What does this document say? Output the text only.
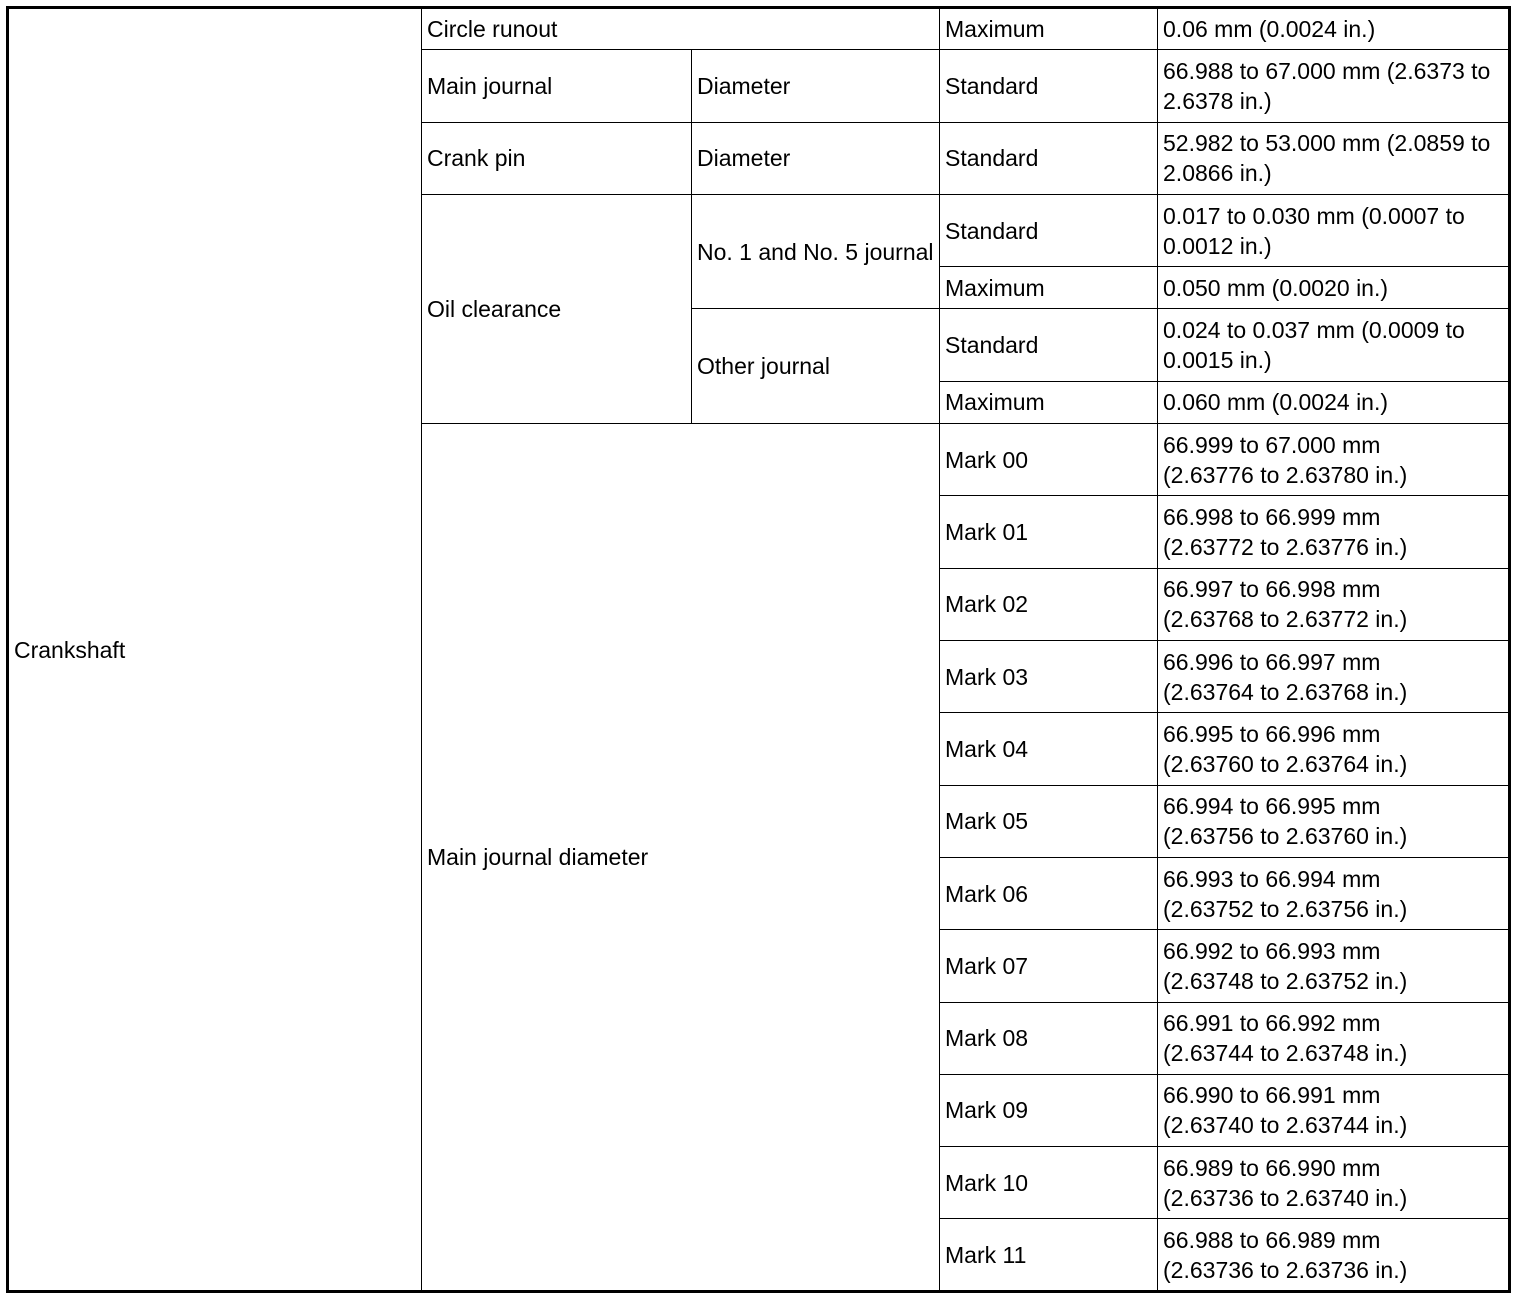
Crankshaft	Circle runout		Maximum	0.06 mm (0.0024 in.)
	Main journal	Diameter	Standard	66.988 to 67.000 mm (2.6373 to 2.6378 in.)
	Crank pin	Diameter	Standard	52.982 to 53.000 mm (2.0859 to 2.0866 in.)
	Oil clearance	No. 1 and No. 5 journal	Standard	0.017 to 0.030 mm (0.0007 to 0.0012 in.)
			Maximum	0.050 mm (0.0020 in.)
		Other journal	Standard	0.024 to 0.037 mm (0.0009 to 0.0015 in.)
			Maximum	0.060 mm (0.0024 in.)
	Main journal diameter		Mark 00	66.999 to 67.000 mm
(2.63776 to 2.63780 in.)
			Mark 01	66.998 to 66.999 mm
(2.63772 to 2.63776 in.)
			Mark 02	66.997 to 66.998 mm
(2.63768 to 2.63772 in.)
			Mark 03	66.996 to 66.997 mm
(2.63764 to 2.63768 in.)
			Mark 04	66.995 to 66.996 mm
(2.63760 to 2.63764 in.)
			Mark 05	66.994 to 66.995 mm
(2.63756 to 2.63760 in.)
			Mark 06	66.993 to 66.994 mm
(2.63752 to 2.63756 in.)
			Mark 07	66.992 to 66.993 mm
(2.63748 to 2.63752 in.)
			Mark 08	66.991 to 66.992 mm
(2.63744 to 2.63748 in.)
			Mark 09	66.990 to 66.991 mm
(2.63740 to 2.63744 in.)
			Mark 10	66.989 to 66.990 mm
(2.63736 to 2.63740 in.)
			Mark 11	66.988 to 66.989 mm
(2.63736 to 2.63736 in.)
